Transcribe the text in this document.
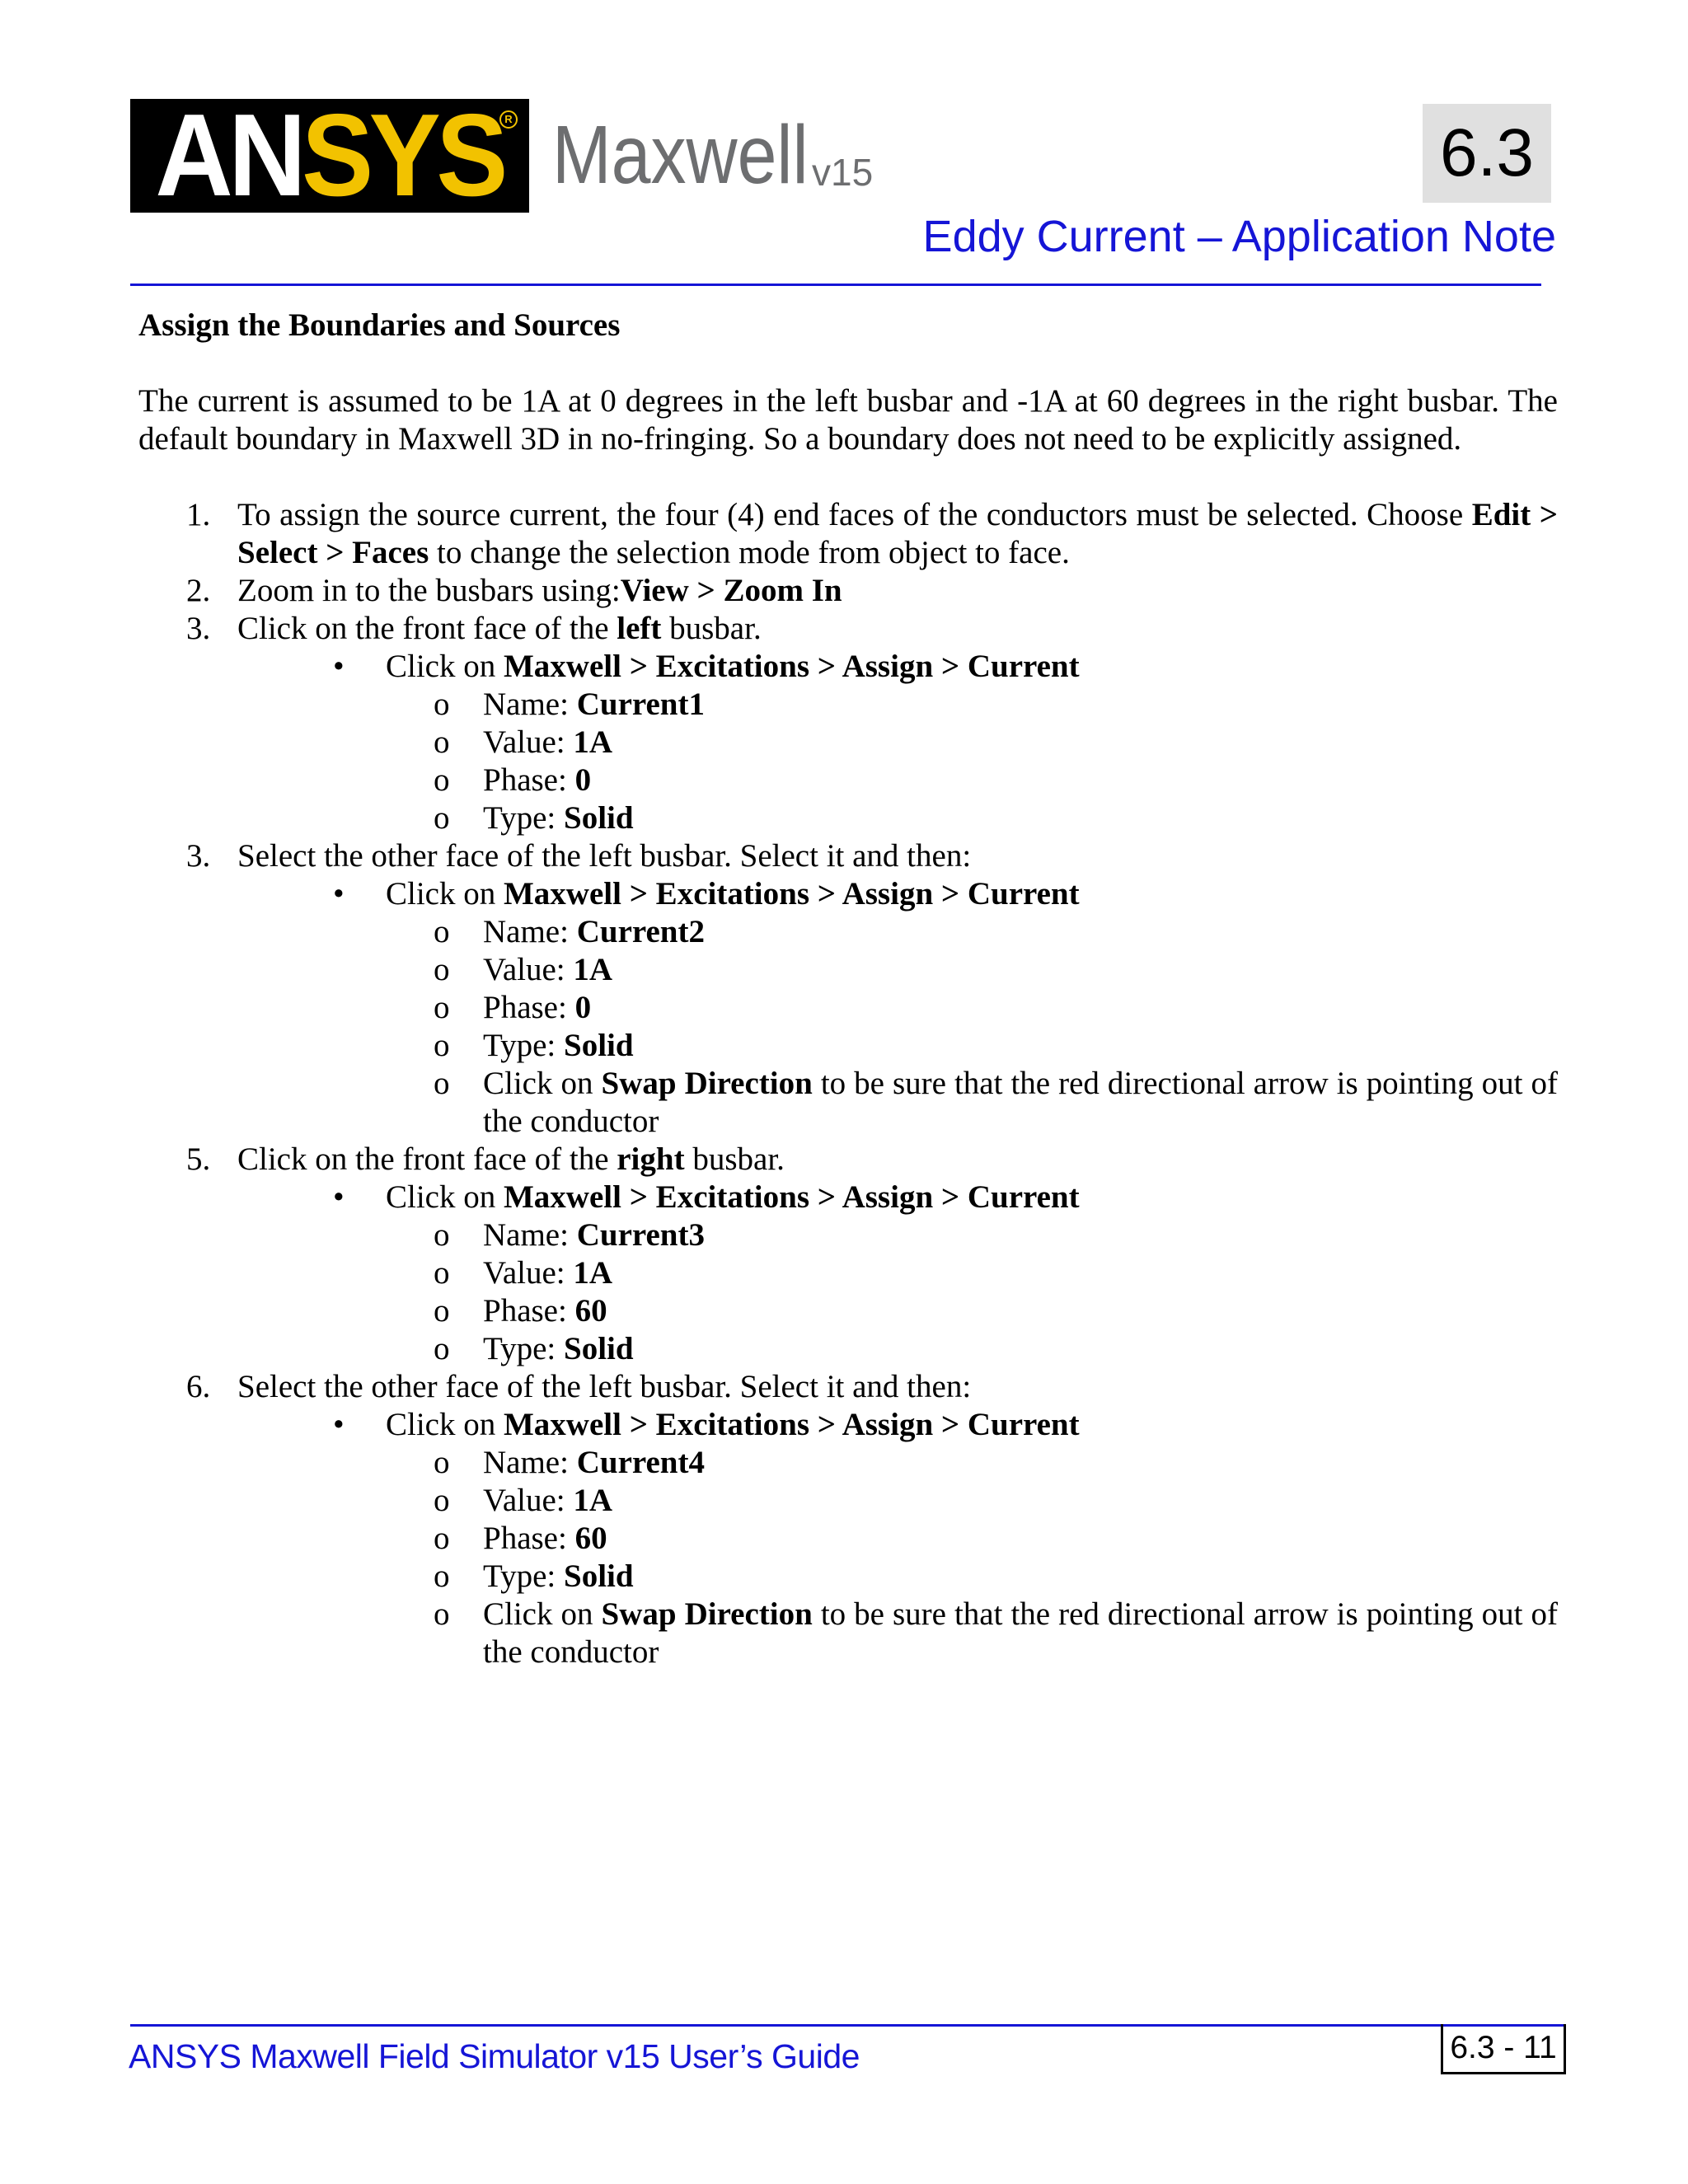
ANSYS R Maxwell v15	6.3
Eddy Current – Application Note
Assign the Boundaries and Sources
The current is assumed to be 1A at 0 degrees in the left busbar and -1A at 60 degrees in the right busbar. The default boundary in Maxwell 3D in no-fringing. So a boundary does not need to be explicitly assigned.
1. To assign the source current, the four (4) end faces of the conductors must be selected. Choose Edit > Select > Faces to change the selection mode from object to face.
2. Zoom in to the busbars using:View > Zoom In
3. Click on the front face of the left busbar.
• Click on Maxwell > Excitations > Assign > Current
o Name: Current1
o Value: 1A
o Phase: 0
o Type: Solid
3. Select the other face of the left busbar. Select it and then:
• Click on Maxwell > Excitations > Assign > Current
o Name: Current2
o Value: 1A
o Phase: 0
o Type: Solid
o Click on Swap Direction to be sure that the red directional arrow is pointing out of the conductor
5. Click on the front face of the right busbar.
• Click on Maxwell > Excitations > Assign > Current
o Name: Current3
o Value: 1A
o Phase: 60
o Type: Solid
6. Select the other face of the left busbar. Select it and then:
• Click on Maxwell > Excitations > Assign > Current
o Name: Current4
o Value: 1A
o Phase: 60
o Type: Solid
o Click on Swap Direction to be sure that the red directional arrow is pointing out of the conductor
ANSYS Maxwell Field Simulator v15 User’s Guide	6.3 - 11
